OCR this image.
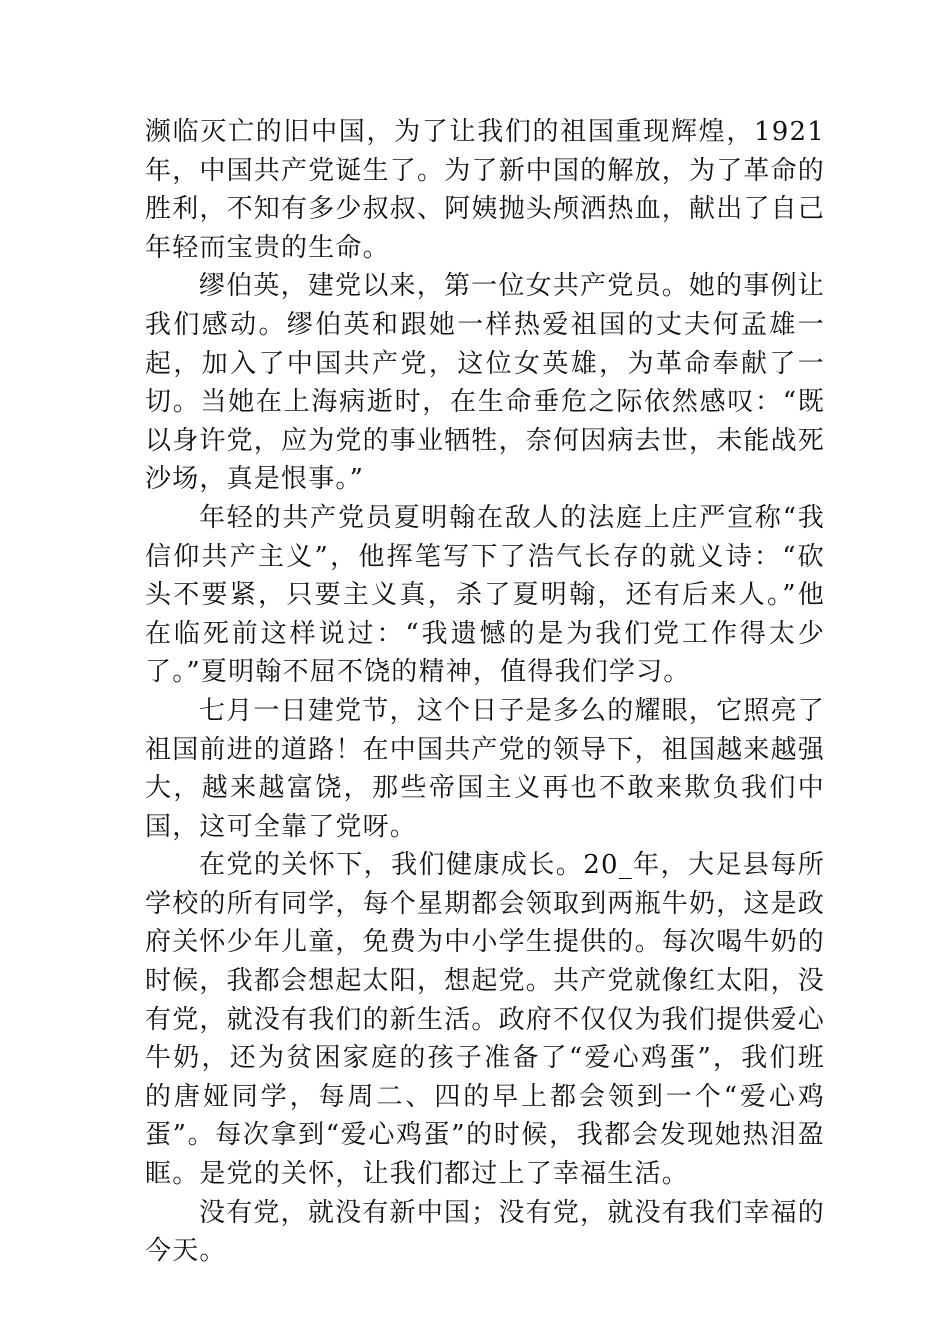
濒临灭亡的旧中国，为了让我们的祖国重现辉煌，1921年，中国共产党诞生了。为了新中国的解放，为了革命的胜利，不知有多少叔叔、阿姨抛头颅洒热血，献出了自己年轻而宝贵的生命。

缪伯英，建党以来，第一位女共产党员。她的事例让我们感动。缪伯英和跟她一样热爱祖国的丈夫何孟雄一起，加入了中国共产党，这位女英雄，为革命奉献了一切。当她在上海病逝时，在生命垂危之际依然感叹：“既以身许党，应为党的事业牺牲，奈何因病去世，未能战死沙场，真是恨事。”

年轻的共产党员夏明翰在敌人的法庭上庄严宣称“我信仰共产主义”，他挥笔写下了浩气长存的就义诗：“砍头不要紧，只要主义真，杀了夏明翰，还有后来人。”他在临死前这样说过：“我遗憾的是为我们党工作得太少了。”夏明翰不屈不饶的精神，值得我们学习。

七月一日建党节，这个日子是多么的耀眼，它照亮了祖国前进的道路！在中国共产党的领导下，祖国越来越强大，越来越富饶，那些帝国主义再也不敢来欺负我们中国，这可全靠了党呀。

在党的关怀下，我们健康成长。20_年，大足县每所学校的所有同学，每个星期都会领取到两瓶牛奶，这是政府关怀少年儿童，免费为中小学生提供的。每次喝牛奶的时候，我都会想起太阳，想起党。共产党就像红太阳，没有党，就没有我们的新生活。政府不仅仅为我们提供爱心牛奶，还为贫困家庭的孩子准备了“爱心鸡蛋”，我们班的唐娅同学，每周二、四的早上都会领到一个“爱心鸡蛋”。每次拿到“爱心鸡蛋”的时候，我都会发现她热泪盈眶。是党的关怀，让我们都过上了幸福生活。

没有党，就没有新中国；没有党，就没有我们幸福的今天。
